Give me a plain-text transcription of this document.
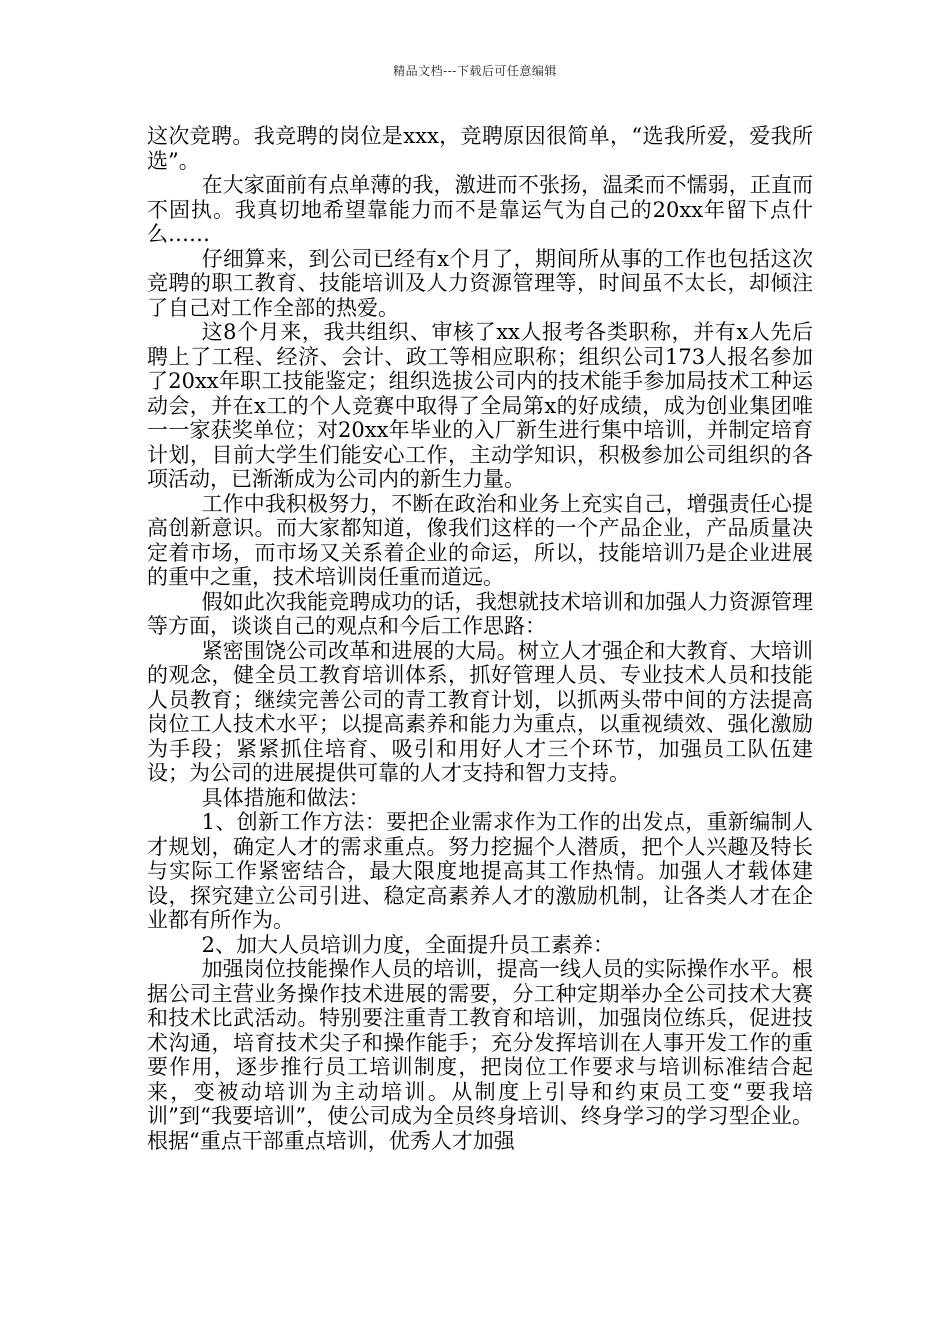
精品文档---下载后可任意编辑

这次竞聘。我竞聘的岗位是xxx，竞聘原因很简单，“选我所爱，爱我所选”。

在大家面前有点单薄的我，激进而不张扬，温柔而不懦弱，正直而不固执。我真切地希望靠能力而不是靠运气为自己的20xx年留下点什么……

仔细算来，到公司已经有x个月了，期间所从事的工作也包括这次竞聘的职工教育、技能培训及人力资源管理等，时间虽不太长，却倾注了自己对工作全部的热爱。

这8个月来，我共组织、审核了xx人报考各类职称，并有x人先后聘上了工程、经济、会计、政工等相应职称；组织公司173人报名参加了20xx年职工技能鉴定；组织选拔公司内的技术能手参加局技术工种运动会，并在x工的个人竞赛中取得了全局第x的好成绩，成为创业集团唯一一家获奖单位；对20xx年毕业的入厂新生进行集中培训，并制定培育计划，目前大学生们能安心工作，主动学知识，积极参加公司组织的各项活动，已渐渐成为公司内的新生力量。

工作中我积极努力，不断在政治和业务上充实自己，增强责任心提高创新意识。而大家都知道，像我们这样的一个产品企业，产品质量决定着市场，而市场又关系着企业的命运，所以，技能培训乃是企业进展的重中之重，技术培训岗任重而道远。

假如此次我能竞聘成功的话，我想就技术培训和加强人力资源管理等方面，谈谈自己的观点和今后工作思路：

紧密围饶公司改革和进展的大局。树立人才强企和大教育、大培训的观念，健全员工教育培训体系，抓好管理人员、专业技术人员和技能人员教育；继续完善公司的青工教育计划，以抓两头带中间的方法提高岗位工人技术水平；以提高素养和能力为重点，以重视绩效、强化激励为手段；紧紧抓住培育、吸引和用好人才三个环节，加强员工队伍建设；为公司的进展提供可靠的人才支持和智力支持。

具体措施和做法：

1、创新工作方法：要把企业需求作为工作的出发点，重新编制人才规划，确定人才的需求重点。努力挖掘个人潜质，把个人兴趣及特长与实际工作紧密结合，最大限度地提高其工作热情。加强人才载体建设，探究建立公司引进、稳定高素养人才的激励机制，让各类人才在企业都有所作为。

2、加大人员培训力度，全面提升员工素养：

加强岗位技能操作人员的培训，提高一线人员的实际操作水平。根据公司主营业务操作技术进展的需要，分工种定期举办全公司技术大赛和技术比武活动。特别要注重青工教育和培训，加强岗位练兵，促进技术沟通，培育技术尖子和操作能手；充分发挥培训在人事开发工作的重要作用，逐步推行员工培训制度，把岗位工作要求与培训标准结合起来，变被动培训为主动培训。从制度上引导和约束员工变“要我培训”到“我要培训”，使公司成为全员终身培训、终身学习的学习型企业。根据“重点干部重点培训，优秀人才加强
